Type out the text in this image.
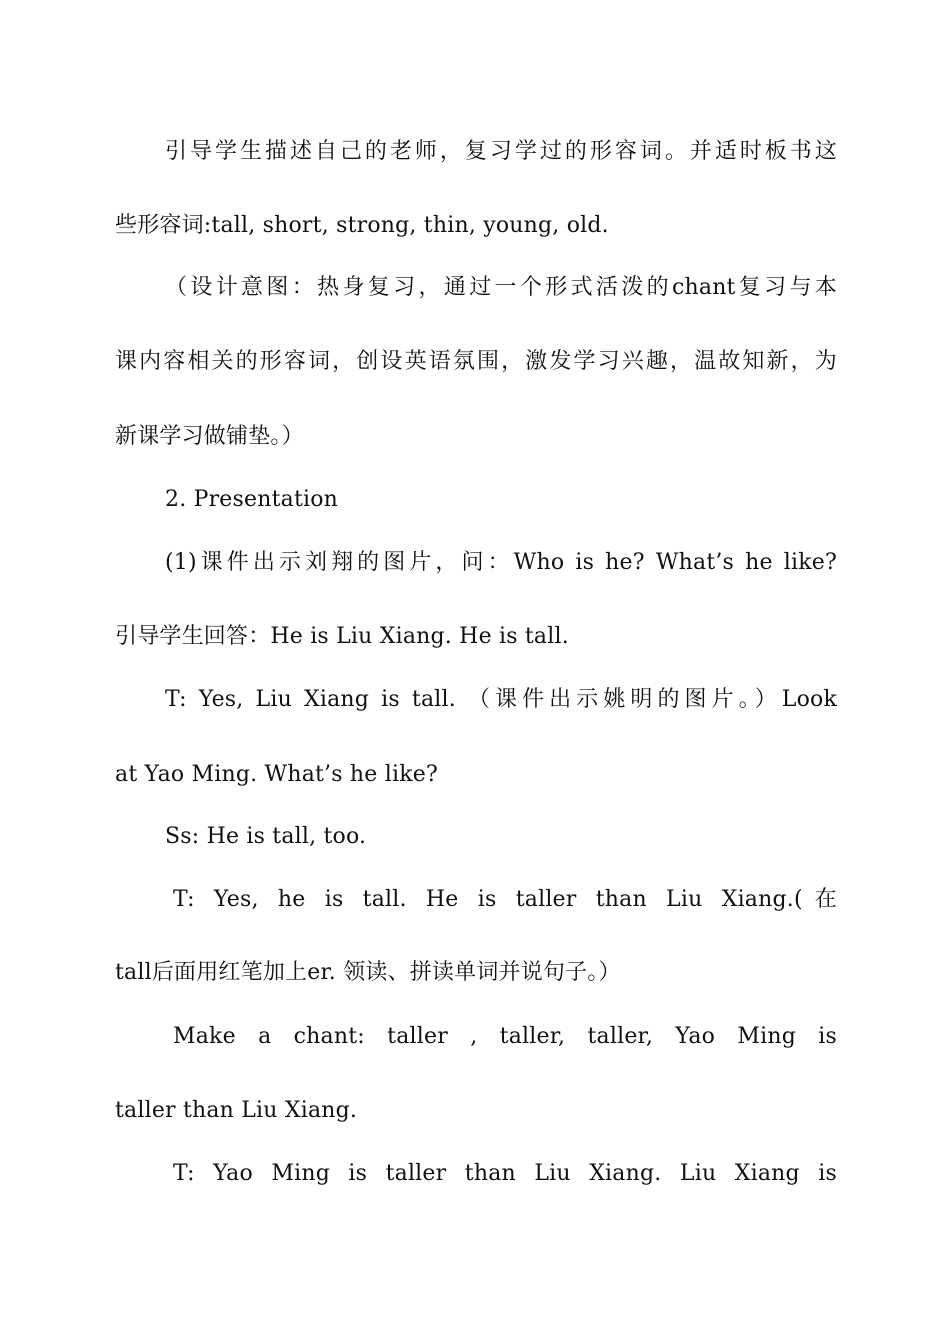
引导学生描述自己的老师，复习学过的形容词。并适时板书这
些形容词:tall, short, strong, thin, young, old.
（设计意图：热身复习，通过一个形式活泼的chant复习与本
课内容相关的形容词，创设英语氛围，激发学习兴趣，温故知新，为
新课学习做铺垫。）
2. Presentation
(1)课件出示刘翔的图片，问：Who is he? What’s he like?
引导学生回答：He is Liu Xiang. He is tall.
T: Yes, Liu Xiang is tall. （课件出示姚明的图片。）Look
at Yao Ming. What’s he like?
Ss: He is tall, too.
T: Yes, he is tall. He is taller than Liu Xiang.(在
tall后面用红笔加上er. 领读、拼读单词并说句子。）
Make a chant: taller , taller, taller, Yao Ming is
taller than Liu Xiang.
T: Yao Ming is taller than Liu Xiang. Liu Xiang is
